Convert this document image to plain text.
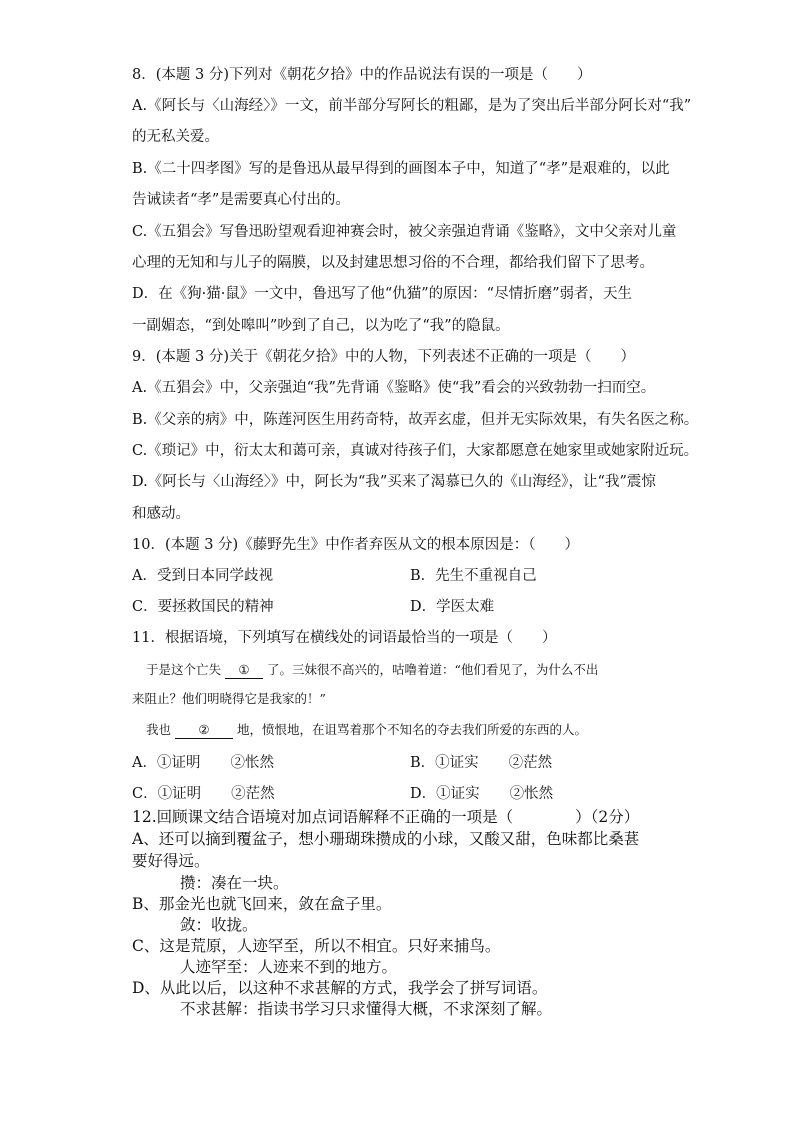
8．(本题 3 分)下列对《朝花夕拾》中的作品说法有误的一项是（　　）
A.《阿长与〈山海经〉》一文，前半部分写阿长的粗鄙，是为了突出后半部分阿长对“我”
的无私关爱。
B.《二十四孝图》写的是鲁迅从最早得到的画图本子中，知道了“孝”是艰难的，以此
告诫读者“孝”是需要真心付出的。
C.《五猖会》写鲁迅盼望观看迎神赛会时，被父亲强迫背诵《鉴略》，文中父亲对儿童
心理的无知和与儿子的隔膜，以及封建思想习俗的不合理，都给我们留下了思考。
D．在《狗·猫·鼠》一文中，鲁迅写了他“仇猫”的原因：“尽情折磨”弱者，天生
一副媚态，“到处嗥叫”吵到了自己，以为吃了“我”的隐鼠。
9．(本题 3 分)关于《朝花夕拾》中的人物，下列表述不正确的一项是（　　）
A.《五猖会》中，父亲强迫“我”先背诵《鉴略》使“我”看会的兴致勃勃一扫而空。
B.《父亲的病》中，陈莲河医生用药奇特，故弄玄虚，但并无实际效果，有失名医之称。
C.《琐记》中，衍太太和蔼可亲，真诚对待孩子们，大家都愿意在她家里或她家附近玩。
D.《阿长与〈山海经〉》中，阿长为“我”买来了渴慕已久的《山海经》，让“我”震惊
和感动。
10．(本题 3 分)《藤野先生》中作者弃医从文的根本原因是：（　　）
A．受到日本同学歧视	B．先生不重视自己
C．要拯救国民的精神	D．学医太难
11．根据语境，下列填写在横线处的词语最恰当的一项是（　　）
于是这个亡失 ① 了。三妹很不高兴的，咕噜着道：“他们看见了，为什么不出
来阻止？他们明晓得它是我家的！”
我也 ② 地，愤恨地，在诅骂着那个不知名的夺去我们所爱的东西的人。
A．①证明 ②怅然	B．①证实 ②茫然
C．①证明 ②茫然	D．①证实 ②怅然
12.回顾课文结合语境对加点词语解释不正确的一项是（　　　　）（2分）
A、还可以摘到覆盆子，想小珊瑚珠攒成的小球，又酸又甜，色味都比桑葚
要好得远。
攒：凑在一块。
B、那金光也就飞回来，敛在盒子里。
敛：收拢。
C、这是荒原，人迹罕至，所以不相宜。只好来捕鸟。
人迹罕至：人迹来不到的地方。
D、从此以后，以这种不求甚解的方式，我学会了拼写词语。
不求甚解：指读书学习只求懂得大概，不求深刻了解。
